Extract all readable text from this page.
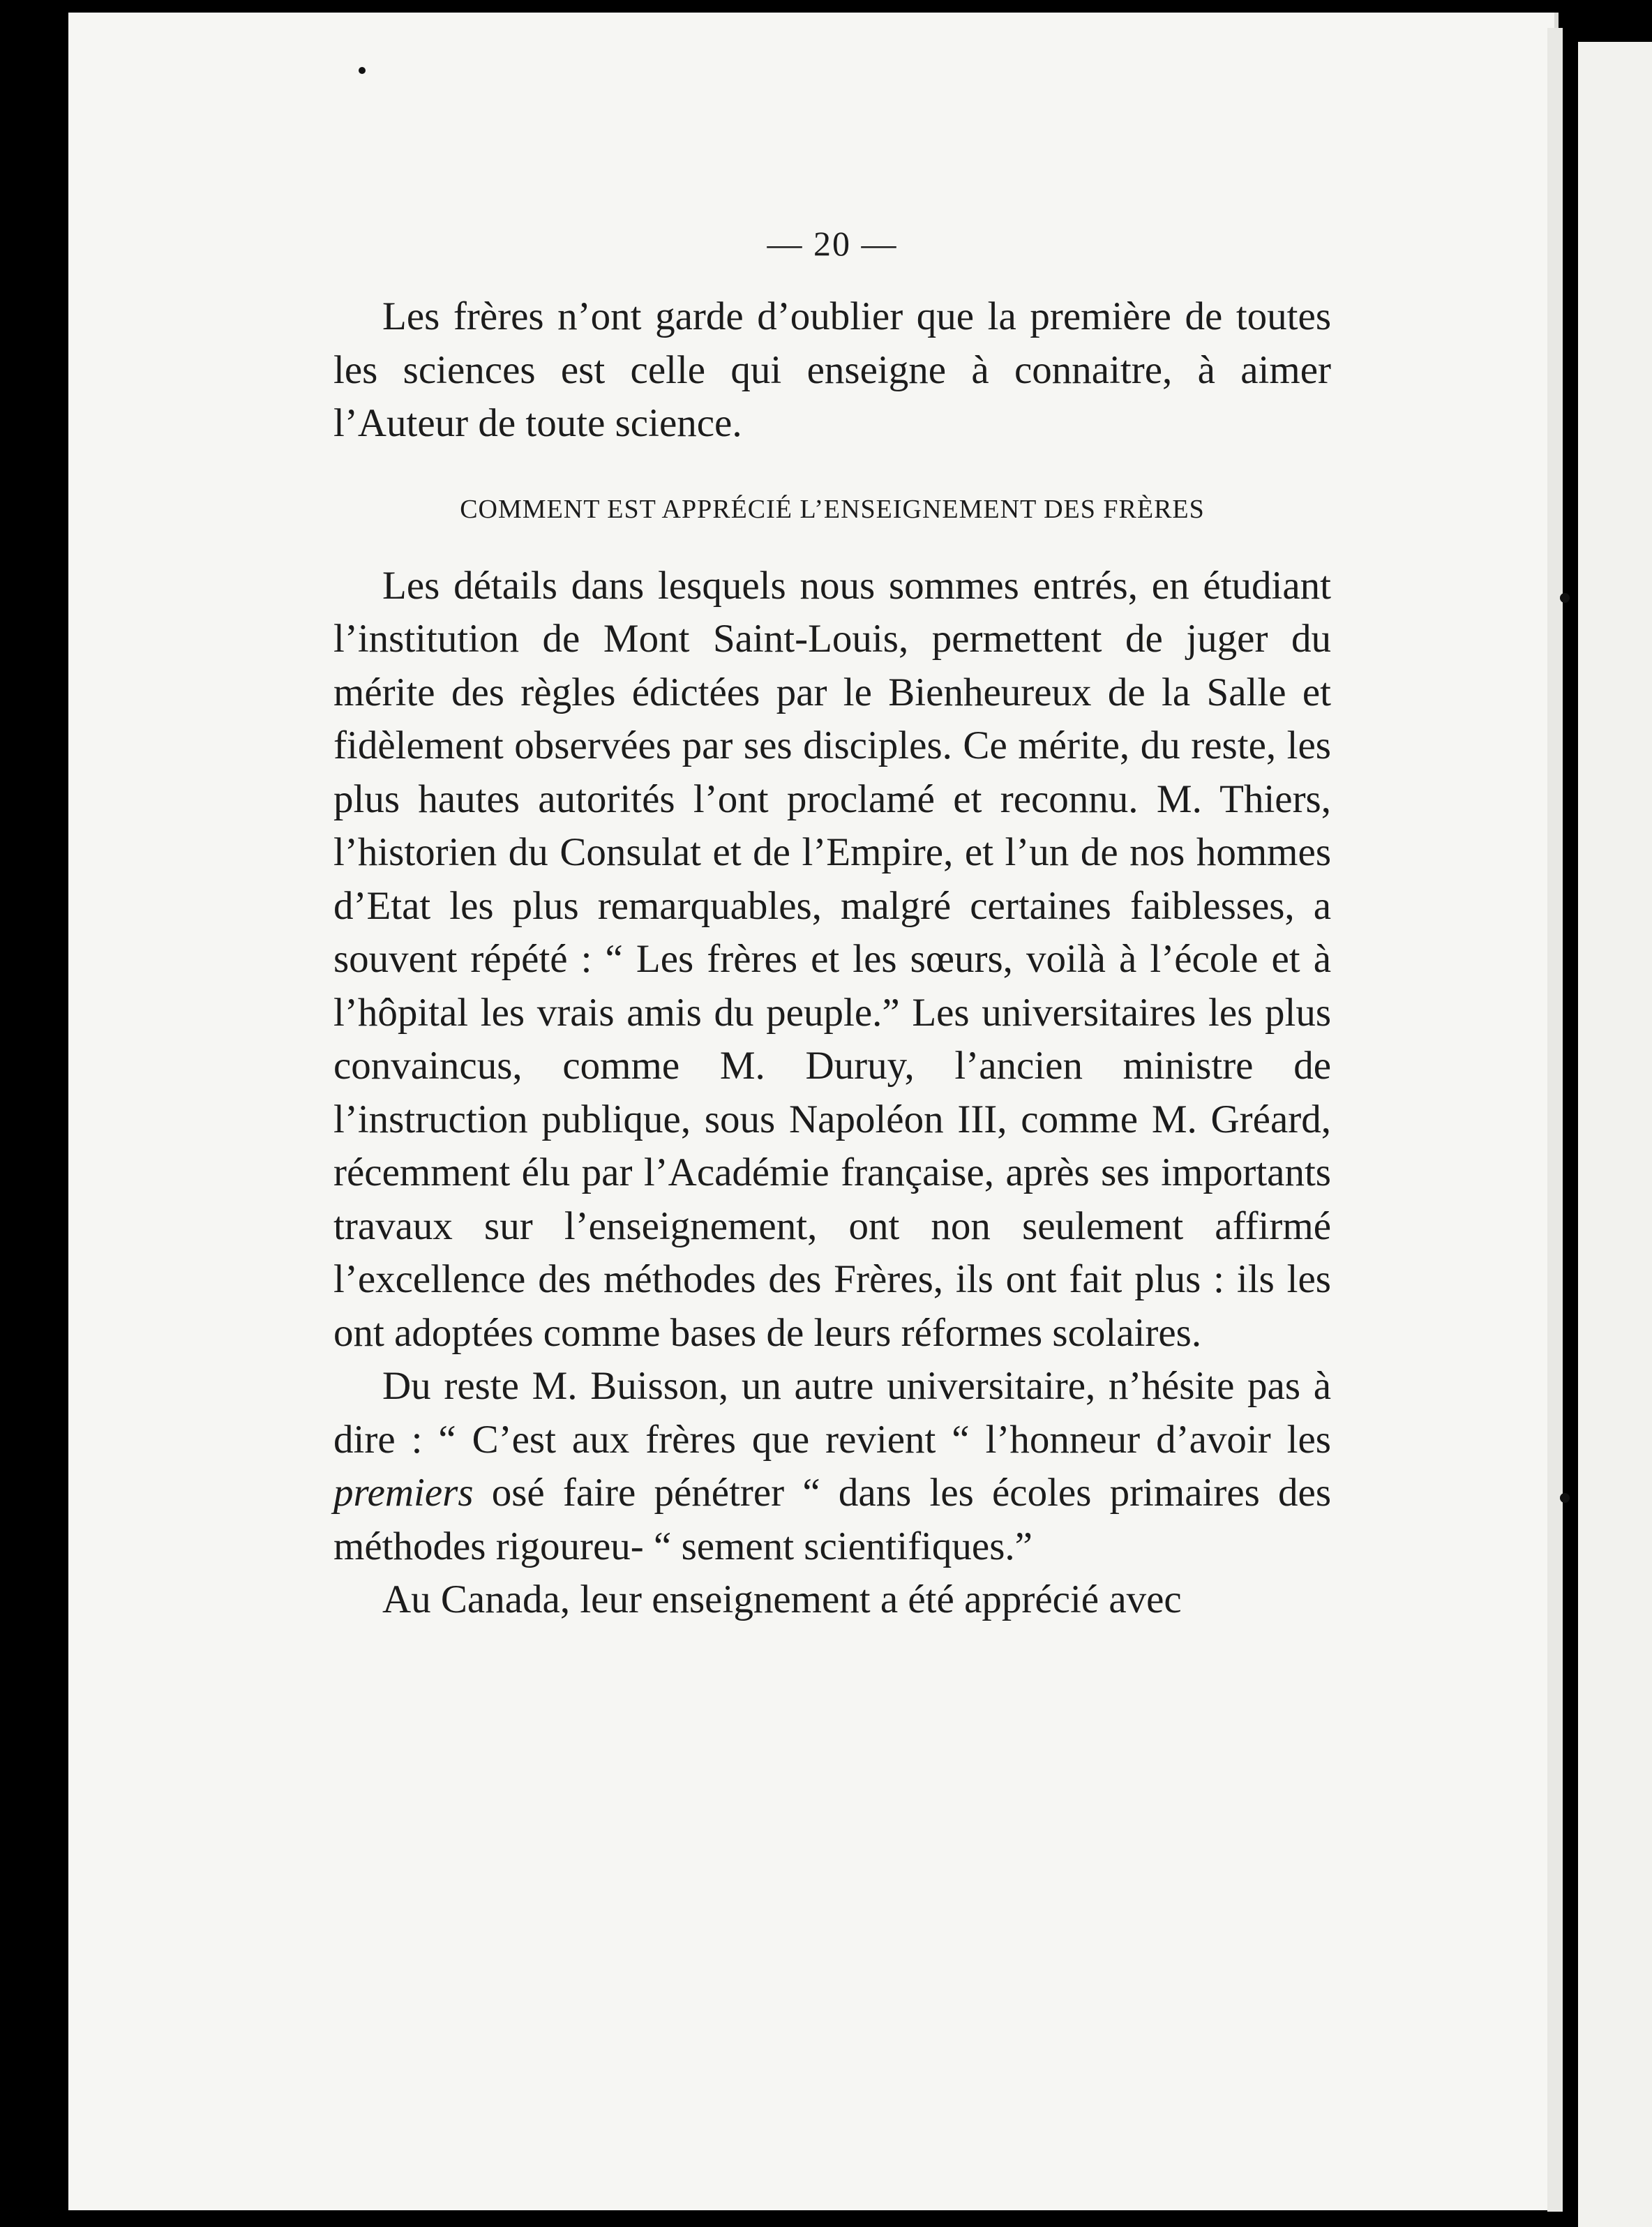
— 20 —

Les frères n’ont garde d’oublier que la première de toutes les sciences est celle qui enseigne à connaitre, à aimer l’Auteur de toute science.

COMMENT EST APPRÉCIÉ L’ENSEIGNEMENT DES FRÈRES

Les détails dans lesquels nous sommes entrés, en étudiant l’institution de Mont Saint-Louis, permettent de juger du mérite des règles édictées par le Bienheureux de la Salle et fidèlement observées par ses disciples. Ce mérite, du reste, les plus hautes autorités l’ont proclamé et reconnu. M. Thiers, l’historien du Consulat et de l’Empire, et l’un de nos hommes d’Etat les plus remarquables, malgré certaines faiblesses, a souvent répété : “ Les frères et les sœurs, voilà à l’école et à l’hôpital les vrais amis du peuple.” Les universitaires les plus convaincus, comme M. Duruy, l’ancien ministre de l’instruction publique, sous Napoléon III, comme M. Gréard, récemment élu par l’Académie française, après ses importants travaux sur l’enseignement, ont non seulement affirmé l’excellence des méthodes des Frères, ils ont fait plus : ils les ont adoptées comme bases de leurs réformes scolaires.

Du reste M. Buisson, un autre universitaire, n’hésite pas à dire : “ C’est aux frères que revient “ l’honneur d’avoir les premiers osé faire pénétrer “ dans les écoles primaires des méthodes rigoureu- “ sement scientifiques.”

Au Canada, leur enseignement a été apprécié avec
